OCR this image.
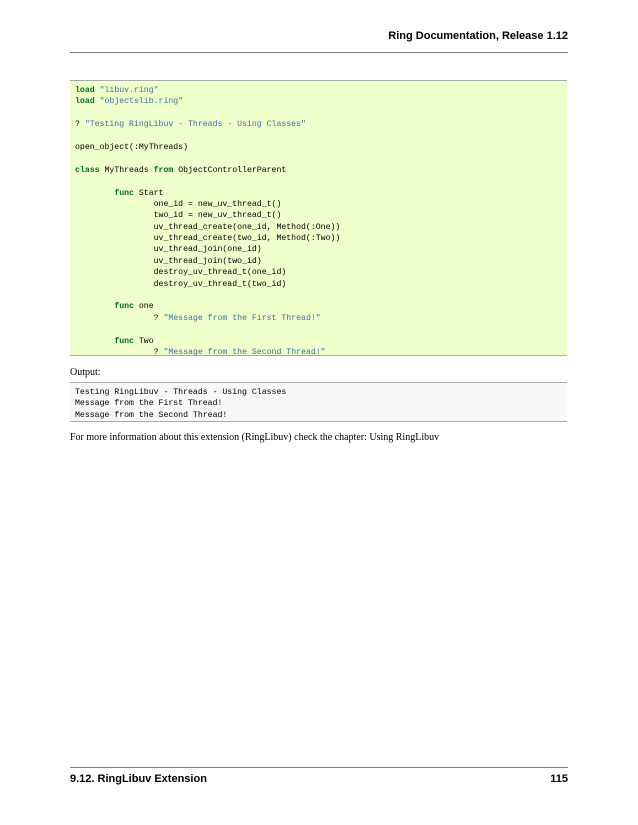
Ring Documentation, Release 1.12
load "libuv.ring"
load "objectslib.ring"

? "Testing RingLibuv - Threads - Using Classes"

open_object(:MyThreads)

class MyThreads from ObjectControllerParent

func Start
one_id = new_uv_thread_t()
two_id = new_uv_thread_t()
uv_thread_create(one_id, Method(:One))
uv_thread_create(two_id, Method(:Two))
uv_thread_join(one_id)
uv_thread_join(two_id)
destroy_uv_thread_t(one_id)
destroy_uv_thread_t(two_id)

func one
? "Message from the First Thread!"

func Two
? "Message from the Second Thread!"
Output:
Testing RingLibuv - Threads - Using Classes
Message from the First Thread!
Message from the Second Thread!
For more information about this extension (RingLibuv) check the chapter: Using RingLibuv
9.12. RingLibuv Extension	115
